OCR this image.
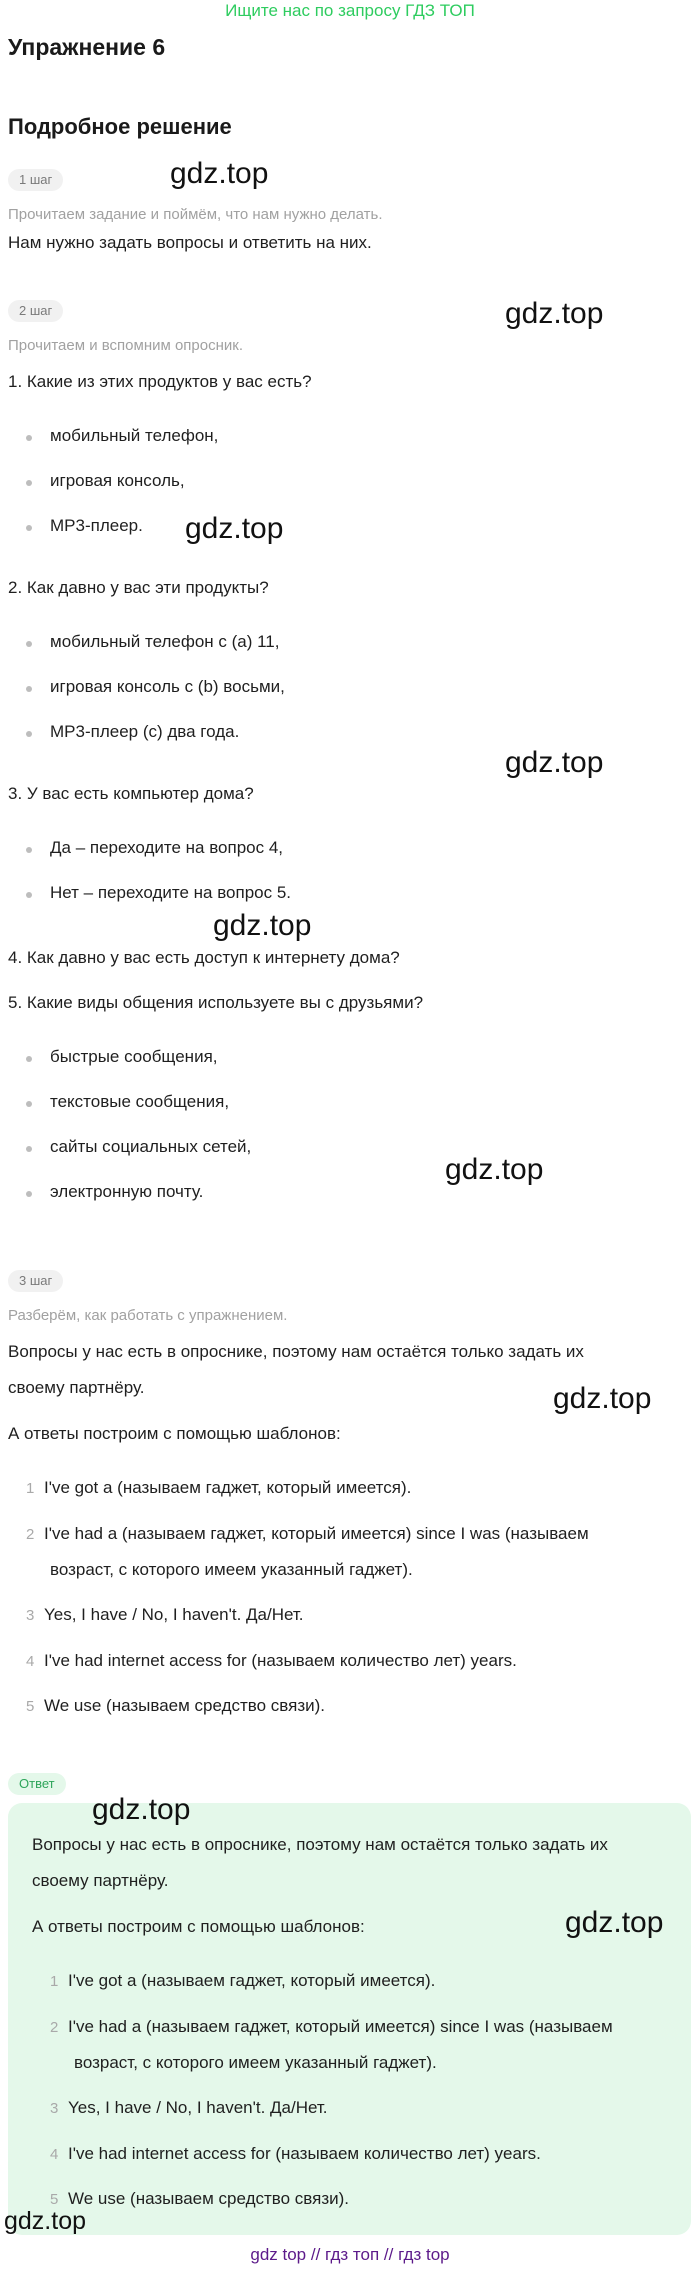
Ищите нас по запросу ГДЗ ТОП
Упражнение 6
Подробное решение
1 шаг
Прочитаем задание и поймём, что нам нужно делать.
Нам нужно задать вопросы и ответить на них.
2 шаг
Прочитаем и вспомним опросник.
1. Какие из этих продуктов у вас есть?
мобильный телефон,
игровая консоль,
MP3-плеер.
2. Как давно у вас эти продукты?
мобильный телефон с (а) 11,
игровая консоль с (b) восьми,
MP3-плеер (c) два года.
3. У вас есть компьютер дома?
Да – переходите на вопрос 4,
Нет – переходите на вопрос 5.
4. Как давно у вас есть доступ к интернету дома?
5. Какие виды общения используете вы с друзьями?
быстрые сообщения,
текстовые сообщения,
сайты социальных сетей,
электронную почту.
3 шаг
Разберём, как работать с упражнением.
Вопросы у нас есть в опроснике, поэтому нам остаётся только задать их
своему партнёру.
А ответы построим с помощью шаблонов:
1 I've got a (называем гаджет, который имеется).
2 I've had a (называем гаджет, который имеется) since I was (называем
возраст, с которого имеем указанный гаджет).
3 Yes, I have / No, I haven't. Да/Нет.
4 I've had internet access for (называем количество лет) years.
5 We use (называем средство связи).
Ответ
Вопросы у нас есть в опроснике, поэтому нам остаётся только задать их
своему партнёру.
А ответы построим с помощью шаблонов:
1 I've got a (называем гаджет, который имеется).
2 I've had a (называем гаджет, который имеется) since I was (называем
возраст, с которого имеем указанный гаджет).
3 Yes, I have / No, I haven't. Да/Нет.
4 I've had internet access for (называем количество лет) years.
5 We use (называем средство связи).
gdz.top
gdz.top
gdz.top
gdz.top
gdz.top
gdz.top
gdz.top
gdz.top
gdz.top
gdz.top
gdz top // гдз топ // гдз top
